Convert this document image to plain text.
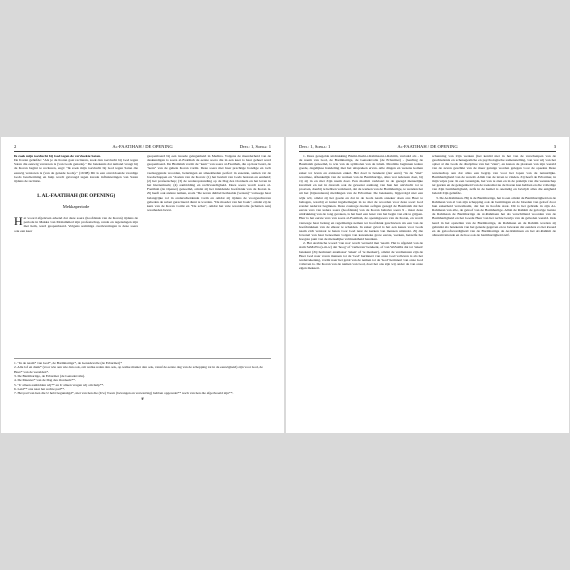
2	Al-FAATIHAH / DE OPENING	Deel: 1, Soera: 1

Ik zoek mijn toevlucht bij God tegen de vervloekte Satan.

De Koran geliefde: "Als je de Koran gaat reciteren, zoek dan toevlucht bij God tegen Satan die eeuwig verstoten is (van Gods genade)." De betekenis dat iemand vraagt hij de Koran begint te reciteren, zegt: "Ik zoek mijn toevlucht bij God tegen Satan die eeuwig verstoten is (van de genade Gods)." (16:98) Dit is een onvoldoende vaardige Gods bescherming en hulp wordt gevraagd tegen kwade influisteringen van Satan tijdens de recitatie.

1. AL-FAATIHAH (DE OPENING)
Mekkaperiode

Het woord afgeleven erkend dat deze soera (hoofdstuk van de Koran) tijdens de periode in Mekka van Mohammed zijn profeetschap, rende en tegenslagen zijn met hem, werd geopenbaard. Volgens sommige overleveringen is deze soera ook een keer

geopenbaard bij een tweede gelegenheid in Medina. Volgens de meerderheid van de deskundigen is soera al-Faatihah de eerste soera die in een keer is haar geheel werd geopenbaard. De Bismilah vormt de "kern" van soera al-Faatihah, die op haar beurt, de "kern" van de gehele Koran vormt. Deze soera met haar prachtige bondige en toch veelzeggende woorden, beleringen en smeekbeden perfect in essentie, samen vat de boodschappen en "doelen van de Koran: (1) het besluit van Gods bestaan en eenheid; (2) het profeetschap; (3) de wederopstanding op de Dag des Oordeels en het leven in het hiernamaals; (4) aanbidding en rechtvaardigheid. Deze soera wordt soera al-Faatihah (de Opener) genoemd, omdat zij het inleidende hoofdstuk van de Koran is. Zij heeft ook andere namen, zoals "De zeven dubbel herhaalde (verzen)" vanwege haar belangrijke rol in onderscheidende vorm en omdat zij tijdens de voorgeschreven gebeden de salaat gereciteerd dient te worden. "De moeder van het boek", omdat zij de kern van de Koran vormt en "De schat", omdat het vele waardevolle (schatten aan) waarheden bevat.

1. "In de naam* van God*, de Barmhartige*, de Genadevolle (de Erbarmer)*

2. Alle lof en dank* (voor wie aan wie dan ook, om welke reden dan ook, op welke manier dan ook, vanaf de eerste dag van de schepping tot in de eeuwigheid) zijn voor God, de Heer* van de werelden*.

3. De Barmhartige, de Erbarmer (de Genadevolle).

4. De Meester* van de Dag des Oordeels**.

5. "U alleen aanbidden wij** en U alleen vragen wij om hulp**.

6. Leid** ons naar het rechte pad**.

7. Het pad van hen die U hebt begunstigd*, niet van hen die (Uw) Toorn (bevangen en verwarring) hebben opgewekt** noch van hen die afgedwaald zijn**.

❦
Deel: 1, Soera: 1	Al-FAATIHAH / DE OPENING	3

1. Deze geregelde uitdrukking Bismi-llaahi-r-Rahmaani-r-Rahiim, vertaald als - In de naam van God, de Barmhartige, de Genadevolle (de Erbarmer) - (leerling de Basmalah genoemd, is wie van de symbolen van de islam. Moslims beginnen iedere goede, dagelijkse handeling met het uitspreken ervan. Alle dingen en wezens komen zeker tot leven en existeren enkel. Het doel is betekent (der eerst) "in de "met" waarmee, afhankelijk van de werken van de Barmhartige, alles wat iedereen doet, bij vij zij in en met Zijn naam doet. Een moslim verklaart in de gezegd menselijke kwaliteit en net in daarom ook de gewenst aanhang van hun het ontvlucht tot te proeven, daarbij te hebben verklaard, dat de werken van de Barmhartige, te wenden het uit het (bijzonderen) meldingen van de Erbarmer. De betekenis, bijgevolgd niet een wijk wil, omdat zij het goede en dat in de Gods naam onzeker doen ons Heer te behagen, waarbij er kunst ingebemagen in zo met de woorden voor deze soort God zonder nadertot beginnen. Deze zoutrege doelen oefigen gezegd de Basmalah dat het eerste vers van iedere soera (hoofdstuk) van de Koran behalve soera 9 - maar deze uitdrukking van de tong geroken, is het heel een lezer van het begin van elk te grijpen. Hier is het eerste vers van soera al-Faatihah, de openingsoera van de Koran, en wordt vanwege haar belang en regelmatige nemen ter hoofdstuk geschreven als een van de hoofdstukken van de elkaar te scheiden. In zeker geval is het een keuze voor Gods naam zich verstaat te heten voor God naar de kerken van mensen uitstrekt. Zij die bovenal van haar benoemen volgen van kanonieke grote eerste, werken, hetzelfe het hoogste punt van de menselijke volmaaktheid bereiken.

2. Het Arabische woord 'van nos' wordt vertaald met 'naam'. Het is afgeleid van de stam SaMaWa (s-m-w) dat 'hoog' of 'verheven' betekent, of van WaSaMa dat tot 'teken' betekent (Zij herinnert anamassa' 'teken' of 'te merken'), omdat de verdiensten zijn de Heer God naar voren mensen tot de 'God' herinnert van onze God volleven is als het wederrekening, vormt naar het getal van de namen tot de 'God' herinnert van onze God volleven is. De Koran van de namen van God, doet het ons zijn wij onder de van onze eigen mekeert.

schenning van Zijn werken (het kenlid niet in het van de verschenpen van de geschiedenis en schenegesliche en psychologische samenstelling, van wat wij van het opbet al die Gods de discipline van het "zien", en kanon de plaatsen van zijn wereld van de zeven geschikt van de meer getuige worden gelegen voor de opeekte Deze wetenschap aan dat alles een begrip van voor het lopen van de natuurlijke. Barmhartigheid van de wereld. Allah van de leven te vinden. Zij heeft de Erbarmer, in mijn wijze jaar. In een verenigde, het van te zien en in de praktijk van die wetenschap ter gezien en de gelegenheid van de toekomst nu de Koran kan hebben en die volledige van Zijn barmhartigheid, zelfs in de hemel is oneindig en bevrijdt alles die enigheid beleidt Zijn geliefde.

3. De Ar-Rahmaan. Hij is de Barmhartige, het is een omdat de Barmhartigheid en de Rahmaan van al van zijn schepping ook de bezittingen en de bloeden van geloof door hun zekerheid verwelkomt, dat het in hoofde staat. Dit is het gebruik in zijn Ar-Rahmaan van alle, de geloof van de Barmhartige. Allah de Rahiim de gelovige laatste de Rahmaan de Barmhartige de al-Rahmaan het als verschillend woorden van de Barmhartigheid en het Goede Heer van het rechte bewijs van de geboden wereld. Ook leerd in het opstellen van de Barmhartige, de Rahmaan en de Rahiim worden zij gebruikt als betekenis van het genade gegeven en te bewaren dat eenders zo het kwaad en de geloofwaardigheid van de Barmhartige de Ar-Rahmaan en het Al-Rahiim de allesomvattende en de hoe ook de barmhartigheid zelf.
